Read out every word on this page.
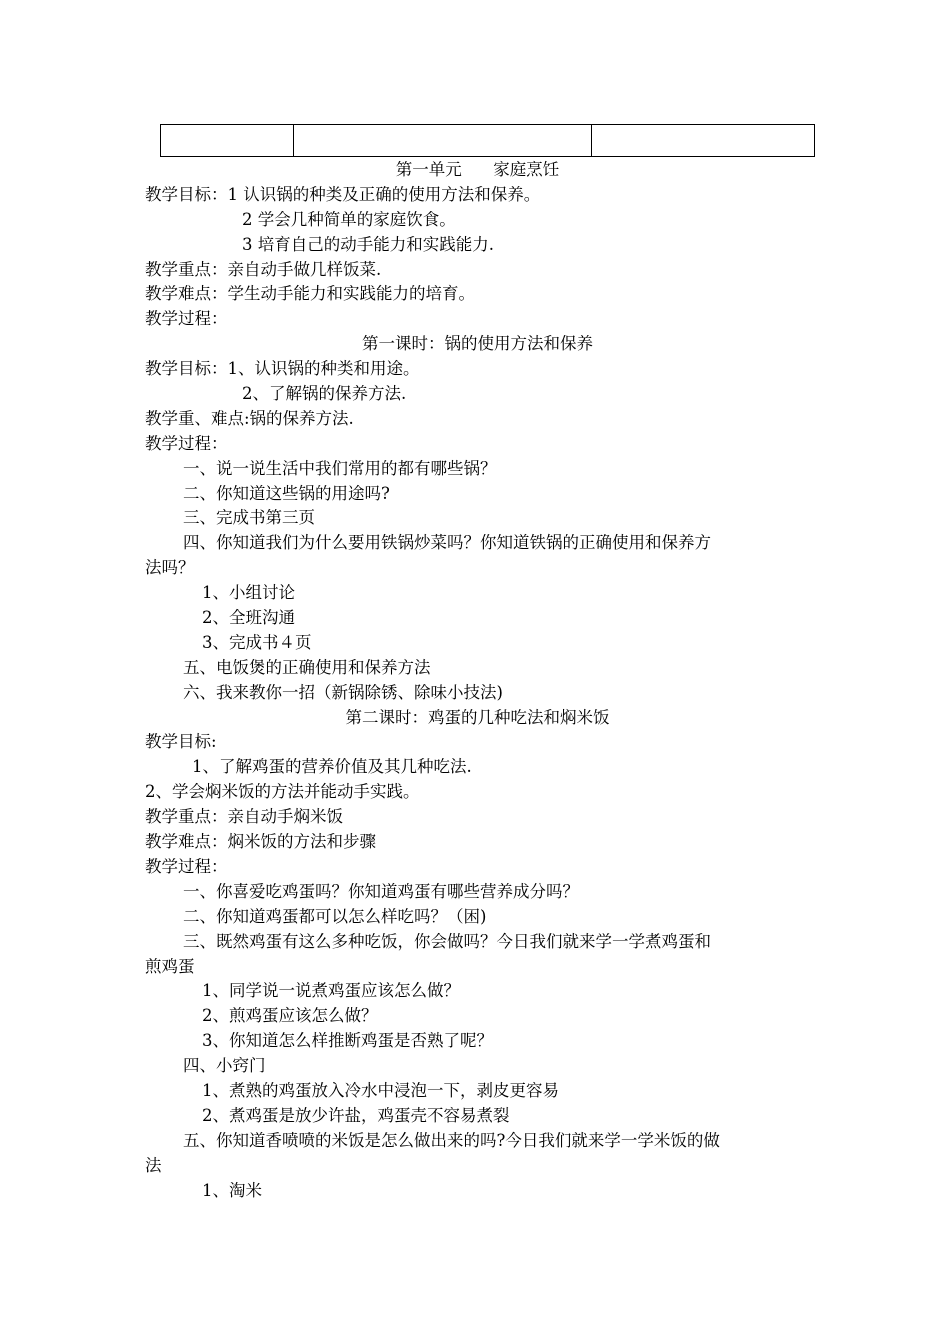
第一单元      家庭烹饪
教学目标：1 认识锅的种类及正确的使用方法和保养。
2 学会几种简单的家庭饮食。
3 培育自己的动手能力和实践能力.
教学重点：亲自动手做几样饭菜.
教学难点：学生动手能力和实践能力的培育。
教学过程：
第一课时：锅的使用方法和保养
教学目标：1、认识锅的种类和用途。
2、了解锅的保养方法.
教学重、难点:锅的保养方法.
教学过程：
一、说一说生活中我们常用的都有哪些锅？
二、你知道这些锅的用途吗?
三、完成书第三页
四、你知道我们为什么要用铁锅炒菜吗？你知道铁锅的正确使用和保养方
法吗？
1、小组讨论
2、全班沟通
3、完成书４页
五、电饭煲的正确使用和保养方法
六、我来教你一招（新锅除锈、除味小技法)
第二课时：鸡蛋的几种吃法和焖米饭
教学目标:
1、了解鸡蛋的营养价值及其几种吃法.
2、学会焖米饭的方法并能动手实践。
教学重点：亲自动手焖米饭
教学难点：焖米饭的方法和步骤
教学过程：
一、你喜爱吃鸡蛋吗？你知道鸡蛋有哪些营养成分吗？
二、你知道鸡蛋都可以怎么样吃吗？（困)
三、既然鸡蛋有这么多种吃饭，你会做吗？今日我们就来学一学煮鸡蛋和
煎鸡蛋
1、同学说一说煮鸡蛋应该怎么做？
2、煎鸡蛋应该怎么做？
3、你知道怎么样推断鸡蛋是否熟了呢？
四、小窍门
1、煮熟的鸡蛋放入冷水中浸泡一下，剥皮更容易
2、煮鸡蛋是放少许盐，鸡蛋壳不容易煮裂
五、你知道香喷喷的米饭是怎么做出来的吗?今日我们就来学一学米饭的做
法
1、淘米
